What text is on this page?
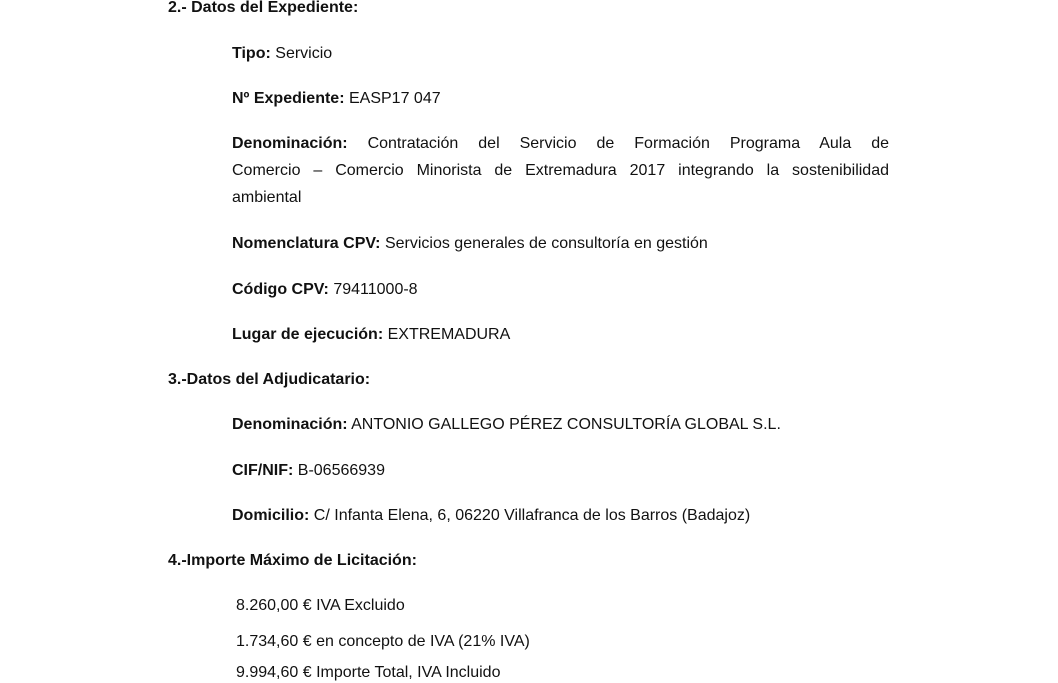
2.- Datos del Expediente:
Tipo: Servicio
Nº Expediente: EASP17 047
Denominación: Contratación del Servicio de Formación Programa Aula de
Comercio – Comercio Minorista de Extremadura 2017 integrando la sostenibilidad
ambiental
Nomenclatura CPV: Servicios generales de consultoría en gestión
Código CPV: 79411000-8
Lugar de ejecución: EXTREMADURA
3.-Datos del Adjudicatario:
Denominación: ANTONIO GALLEGO PÉREZ CONSULTORÍA GLOBAL S.L.
CIF/NIF: B-06566939
Domicilio: C/ Infanta Elena, 6, 06220 Villafranca de los Barros (Badajoz)
4.-Importe Máximo de Licitación:
8.260,00 € IVA Excluido
1.734,60 € en concepto de IVA (21% IVA)
9.994,60 € Importe Total, IVA Incluido
